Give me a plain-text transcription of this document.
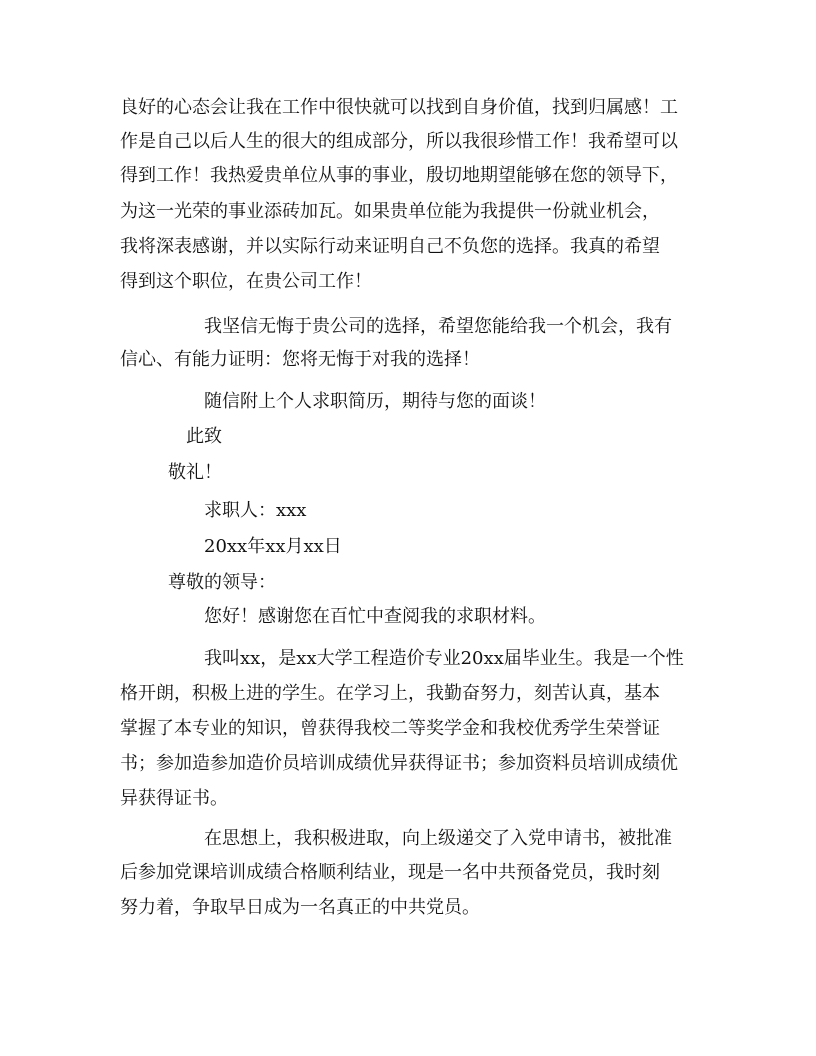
良好的心态会让我在工作中很快就可以找到自身价值，找到归属感！工
作是自己以后人生的很大的组成部分，所以我很珍惜工作！我希望可以
得到工作！我热爱贵单位从事的事业，殷切地期望能够在您的领导下，
为这一光荣的事业添砖加瓦。如果贵单位能为我提供一份就业机会，
我将深表感谢，并以实际行动来证明自己不负您的选择。我真的希望
得到这个职位，在贵公司工作！
我坚信无悔于贵公司的选择，希望您能给我一个机会，我有
信心、有能力证明：您将无悔于对我的选择！
随信附上个人求职简历，期待与您的面谈！
此致
敬礼！
求职人：xxx
20xx年xx月xx日
尊敬的领导：
您好！感谢您在百忙中查阅我的求职材料。
我叫xx，是xx大学工程造价专业20xx届毕业生。我是一个性
格开朗，积极上进的学生。在学习上，我勤奋努力，刻苦认真，基本
掌握了本专业的知识，曾获得我校二等奖学金和我校优秀学生荣誉证
书；参加造参加造价员培训成绩优异获得证书；参加资料员培训成绩优
异获得证书。
在思想上，我积极进取，向上级递交了入党申请书，被批准
后参加党课培训成绩合格顺利结业，现是一名中共预备党员，我时刻
努力着，争取早日成为一名真正的中共党员。
